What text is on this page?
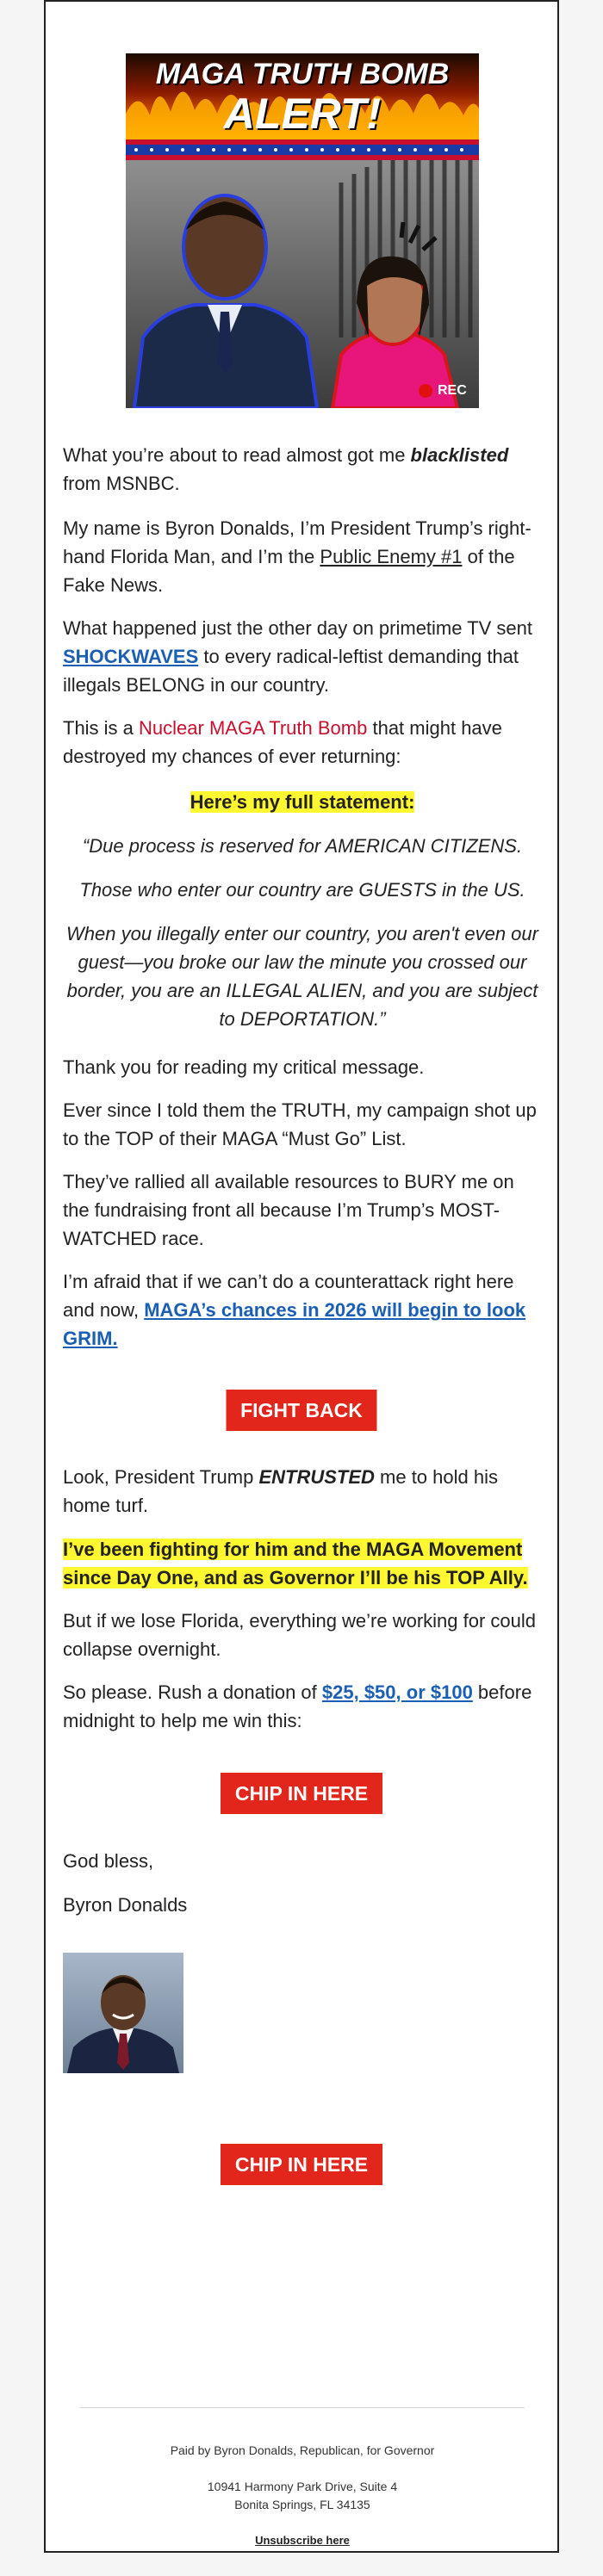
MAGA TRUTH BOMB
ALERT!
REC

What you’re about to read almost got me blacklisted from MSNBC.

My name is Byron Donalds, I’m President Trump’s right-hand Florida Man, and I’m the Public Enemy #1 of the Fake News.

What happened just the other day on primetime TV sent SHOCKWAVES to every radical-leftist demanding that illegals BELONG in our country.

This is a Nuclear MAGA Truth Bomb that might have destroyed my chances of ever returning:

Here’s my full statement:

“Due process is reserved for AMERICAN CITIZENS.

Those who enter our country are GUESTS in the US.

When you illegally enter our country, you aren't even our guest—you broke our law the minute you crossed our border, you are an ILLEGAL ALIEN, and you are subject to DEPORTATION.”

Thank you for reading my critical message.

Ever since I told them the TRUTH, my campaign shot up to the TOP of their MAGA “Must Go” List.

They’ve rallied all available resources to BURY me on the fundraising front all because I’m Trump’s MOST-WATCHED race.

I’m afraid that if we can’t do a counterattack right here and now, MAGA’s chances in 2026 will begin to look GRIM.

FIGHT BACK

Look, President Trump ENTRUSTED me to hold his home turf.

I’ve been fighting for him and the MAGA Movement since Day One, and as Governor I’ll be his TOP Ally.

But if we lose Florida, everything we’re working for could collapse overnight.

So please. Rush a donation of $25, $50, or $100 before midnight to help me win this:

CHIP IN HERE

God bless,

Byron Donalds

CHIP IN HERE
Paid by Byron Donalds, Republican, for Governor
10941 Harmony Park Drive, Suite 4
Bonita Springs, FL 34135
Unsubscribe here
